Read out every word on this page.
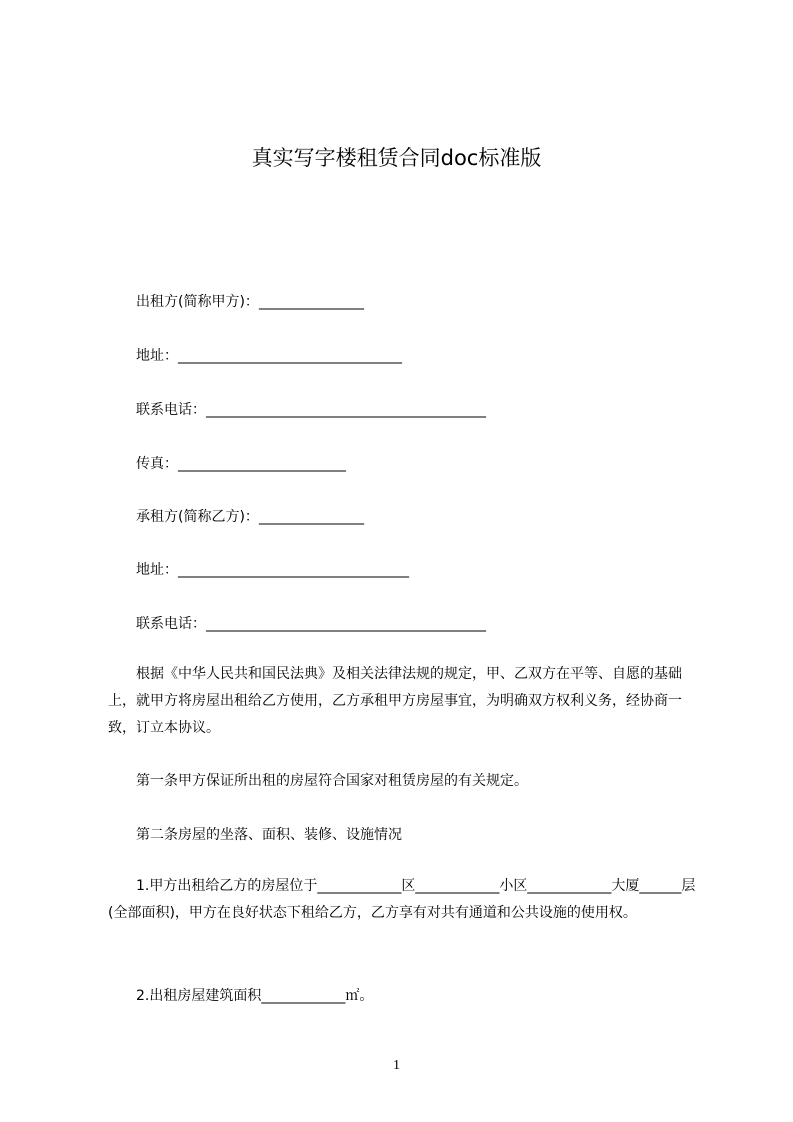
真实写字楼租赁合同doc标准版
出租方(简称甲方)：_______________
地址：________________________________
联系电话：________________________________________
传真：________________________
承租方(简称乙方)：_______________
地址：_________________________________
联系电话：________________________________________
根据《中华人民共和国民法典》及相关法律法规的规定，甲、乙双方在平等、自愿的基础上，就甲方将房屋出租给乙方使用，乙方承租甲方房屋事宜，为明确双方权利义务，经协商一致，订立本协议。
第一条甲方保证所出租的房屋符合国家对租赁房屋的有关规定。
第二条房屋的坐落、面积、装修、设施情况
1.甲方出租给乙方的房屋位于____________区____________小区____________大厦______层(全部面积)，甲方在良好状态下租给乙方，乙方享有对共有通道和公共设施的使用权。
2.出租房屋建筑面积____________㎡。
1
